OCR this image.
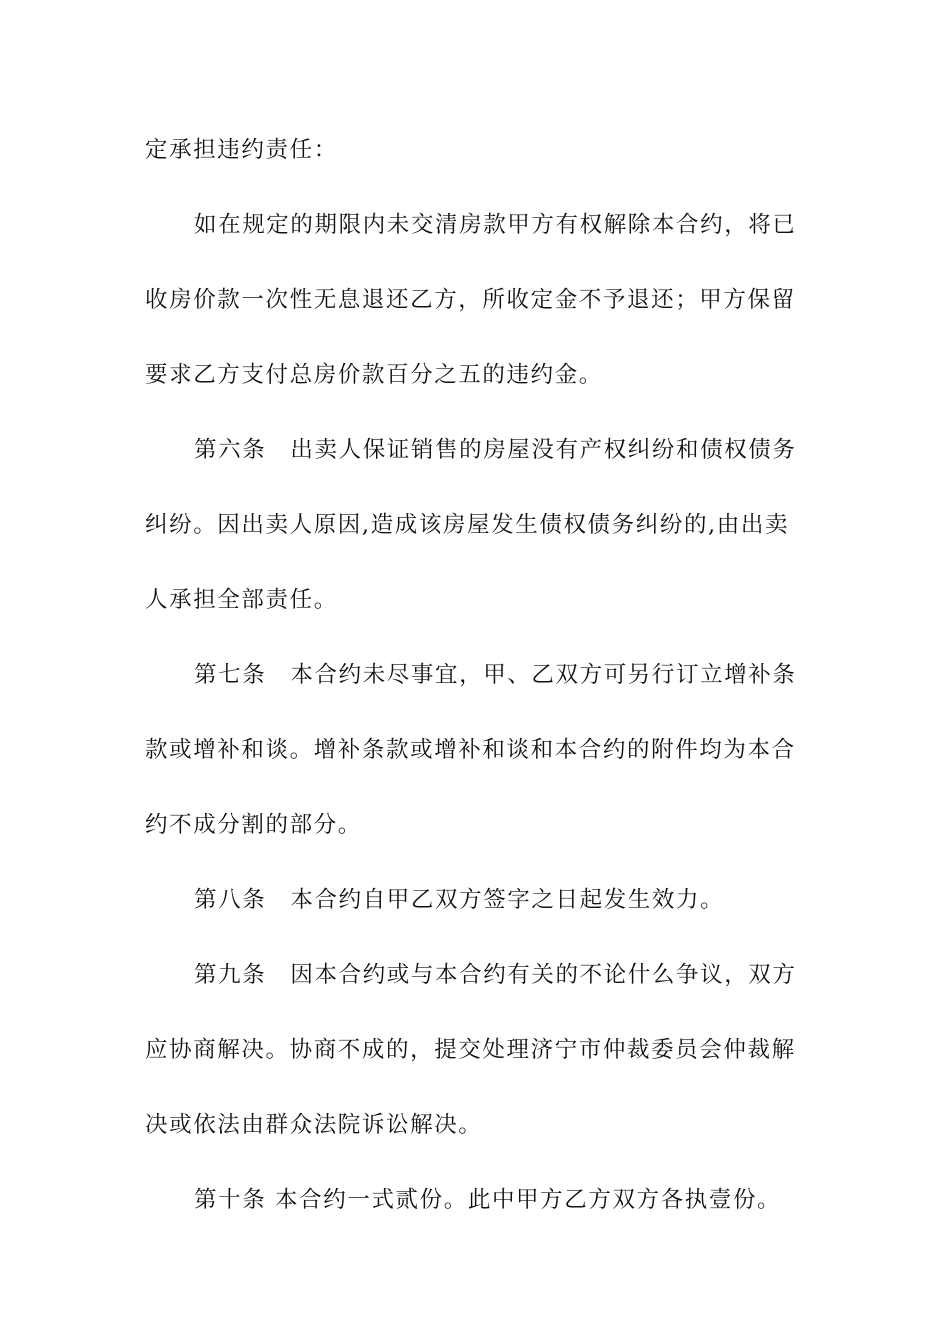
定承担违约责任：
如在规定的期限内未交清房款甲方有权解除本合约，将已
收房价款一次性无息退还乙方，所收定金不予退还；甲方保留
要求乙方支付总房价款百分之五的违约金。
第六条　出卖人保证销售的房屋没有产权纠纷和债权债务
纠纷。因出卖人原因,造成该房屋发生债权债务纠纷的,由出卖
人承担全部责任。
第七条　本合约未尽事宜，甲、乙双方可另行订立增补条
款或增补和谈。增补条款或增补和谈和本合约的附件均为本合
约不成分割的部分。
第八条　本合约自甲乙双方签字之日起发生效力。
第九条　因本合约或与本合约有关的不论什么争议，双方
应协商解决。协商不成的，提交处理济宁市仲裁委员会仲裁解
决或依法由群众法院诉讼解决。
第十条 本合约一式贰份。此中甲方乙方双方各执壹份。
